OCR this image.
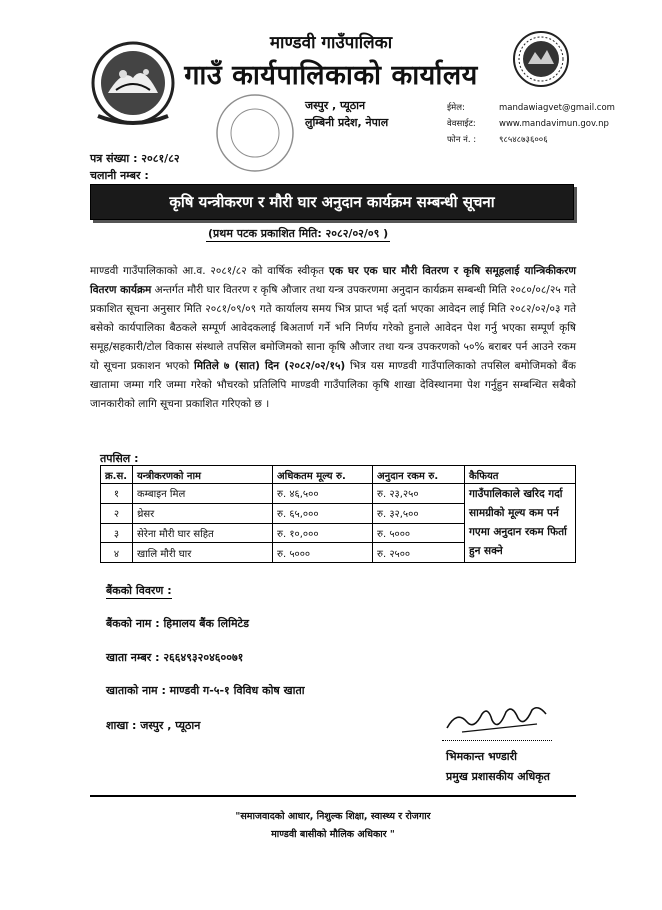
माण्डवी गाउँपालिका
गाउँ कार्यपालिकाको कार्यालय
जस्पुर , प्यूठान
लुम्बिनी प्रदेश, नेपाल
ईमेल:	mandawiagvet@gmail.com
वेवसाईट:	www.mandavimun.gov.np
फोन नं. :	९८५४८७३६००६
पत्र संख्या : २०८१/८२
चलानी नम्बर :
कृषि यन्त्रीकरण र मौरी घार अनुदान कार्यक्रम सम्बन्धी सूचना
(प्रथम पटक प्रकाशित मिति: २०८२/०२/०९ )
माण्डवी गाउँपालिकाको आ.व. २०८१/८२ को वार्षिक स्वीकृत एक घर एक घार मौरी वितरण र कृषि समूहलाई यान्त्रिकीकरण वितरण कार्यक्रम अन्तर्गत मौरी घार वितरण र कृषि औजार तथा यन्त्र उपकरणमा अनुदान कार्यक्रम सम्बन्धी मिति २०८०/०८/२५ गते प्रकाशित सूचना अनुसार मिति २०८१/०९/०९ गते कार्यालय समय भित्र प्राप्त भई दर्ता भएका आवेदन लाई मिति २०८२/०२/०३ गते बसेको कार्यपालिका बैठकले सम्पूर्ण आवेदकलाई बिअतार्ण गर्ने भनि निर्णय गरेको हुनाले आवेदन पेश गर्नु भएका सम्पूर्ण कृषि समूह/सहकारी/टोल विकास संस्थाले तपसिल बमोजिमको साना कृषि औजार तथा यन्त्र उपकरणको ५०% बराबर पर्न आउने रकम यो सूचना प्रकाशन भएको मितिले ७ (सात) दिन (२०८२/०२/१५) भित्र यस माण्डवी गाउँपालिकाको तपसिल बमोजिमको बैंक खातामा जम्मा गरि जम्मा गरेको भौचरको प्रतिलिपि माण्डवी गाउँपालिका कृषि शाखा देविस्थानमा पेश गर्नुहुन सम्बन्धित सबैको जानकारीको लागि सूचना प्रकाशित गरिएको छ ।
तपसिल :
क्र.स.	यन्त्रीकरणको नाम	अधिकतम मूल्य रु.	अनुदान रकम रु.	कैफियत
१	कम्बाइन मिल	रु. ४६,५००	रु. २३,२५०	गाउँपालिकाले खरिद गर्दा सामग्रीको मूल्य कम पर्न गएमा अनुदान रकम फिर्ता हुन सक्ने
२	थ्रेसर	रु. ६५,०००	रु. ३२,५००	
३	सेरेना मौरी घार सहित	रु. १०,०००	रु. ५०००	
४	खालि मौरी घार	रु. ५०००	रु. २५००	
बैंकको विवरण :
बैंकको नाम : हिमालय बैंक लिमिटेड
खाता नम्बर : २६६४९३२०४६००७१
खाताको नाम : माण्डवी ग-५-१ विविध कोष खाता
शाखा : जस्पुर , प्यूठान
भिमकान्त भण्डारी
प्रमुख प्रशासकीय अधिकृत
"समाजवादको आधार, निशुल्क शिक्षा, स्वास्थ्य र रोजगार
माण्डवी बासीको मौलिक अधिकार "
